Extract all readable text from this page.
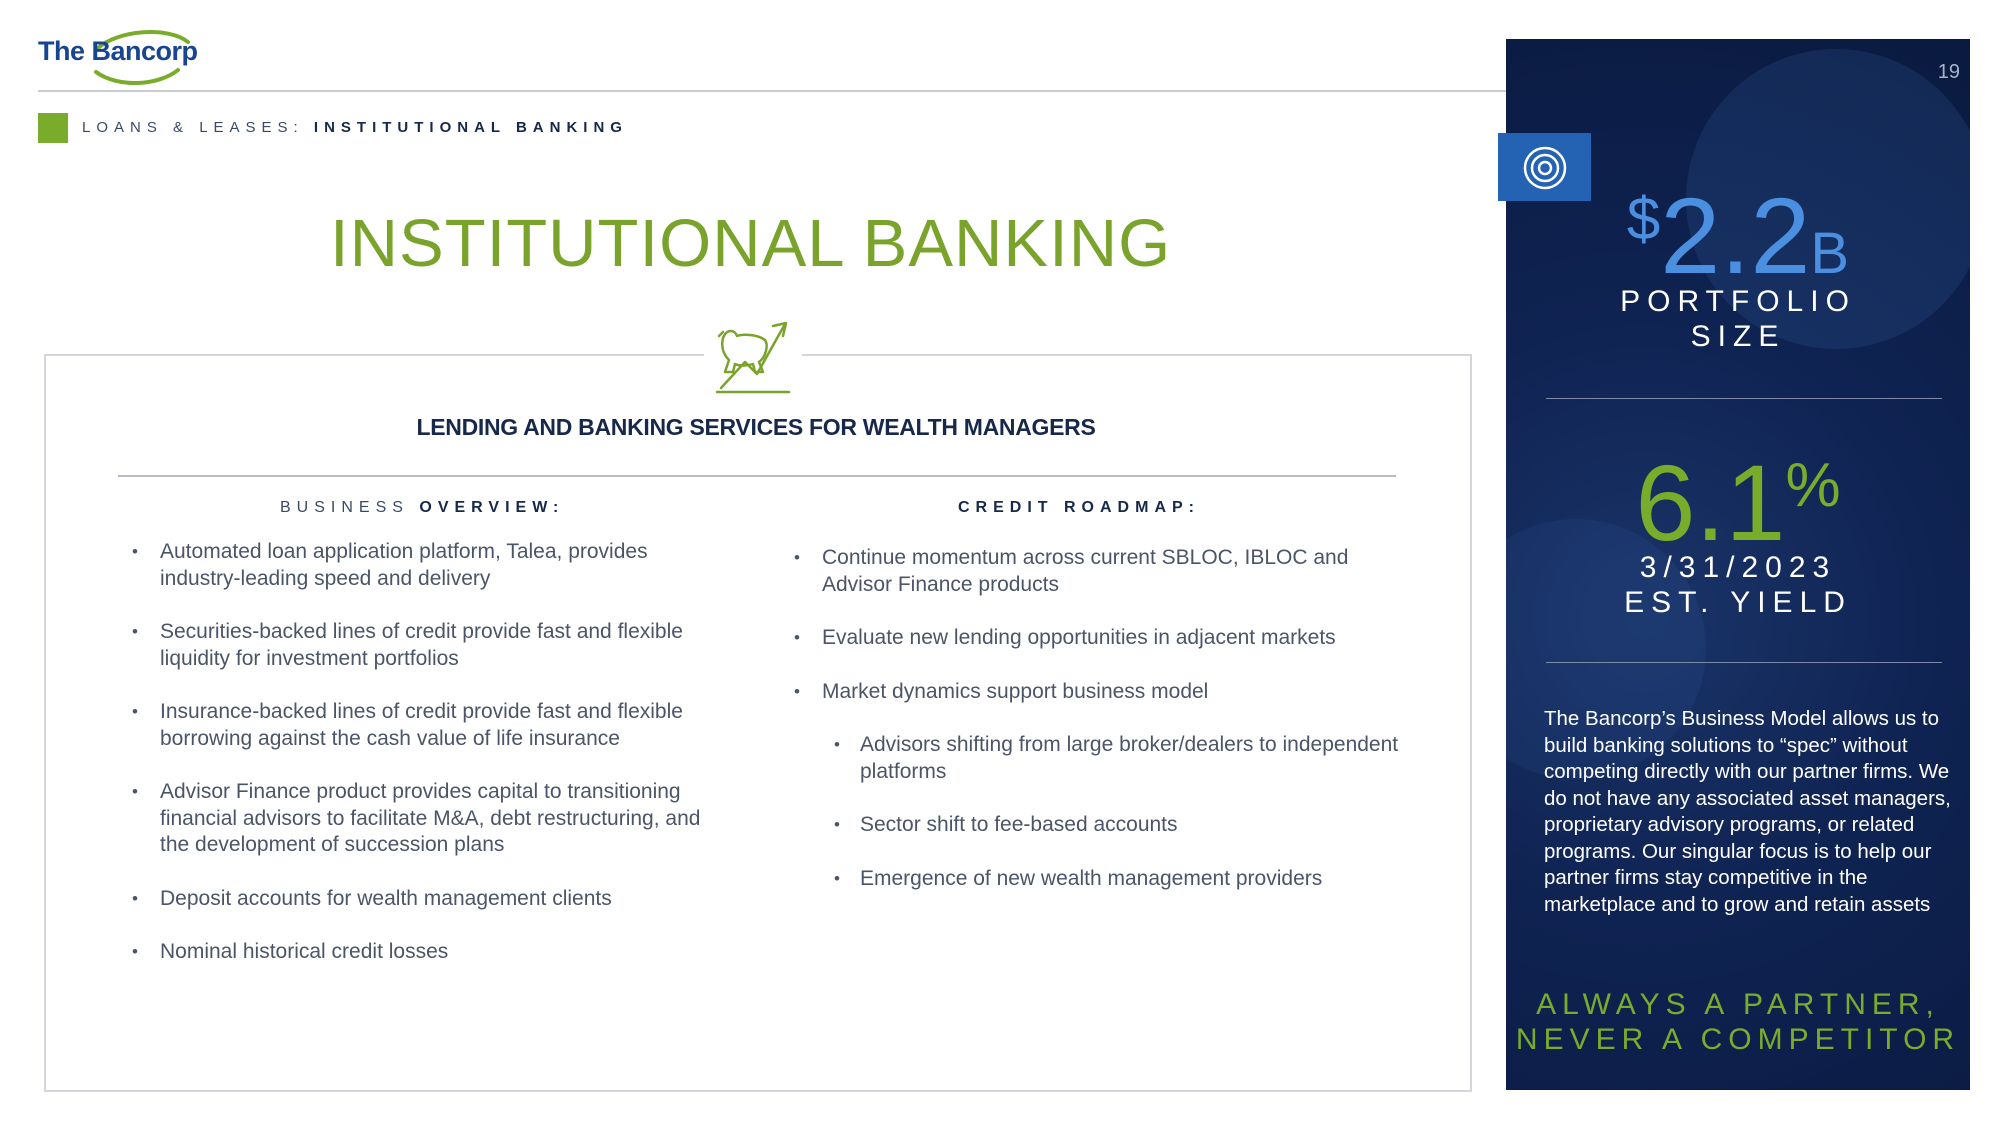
The Bancorp
LOANS & LEASES: INSTITUTIONAL BANKING
INSTITUTIONAL BANKING
LENDING AND BANKING SERVICES FOR WEALTH MANAGERS
BUSINESS OVERVIEW:
• Automated loan application platform, Talea, provides industry-leading speed and delivery
• Securities-backed lines of credit provide fast and flexible liquidity for investment portfolios
• Insurance-backed lines of credit provide fast and flexible borrowing against the cash value of life insurance
• Advisor Finance product provides capital to transitioning financial advisors to facilitate M&A, debt restructuring, and the development of succession plans
• Deposit accounts for wealth management clients
• Nominal historical credit losses
CREDIT ROADMAP:
• Continue momentum across current SBLOC, IBLOC and Advisor Finance products
• Evaluate new lending opportunities in adjacent markets
• Market dynamics support business model
• Advisors shifting from large broker/dealers to independent platforms
• Sector shift to fee-based accounts
• Emergence of new wealth management providers
19
$2.2B
PORTFOLIO
SIZE
6.1%
3/31/2023
EST. YIELD
The Bancorp’s Business Model allows us to build banking solutions to “spec” without competing directly with our partner firms. We do not have any associated asset managers, proprietary advisory programs, or related programs. Our singular focus is to help our partner firms stay competitive in the marketplace and to grow and retain assets
ALWAYS A PARTNER,
NEVER A COMPETITOR
